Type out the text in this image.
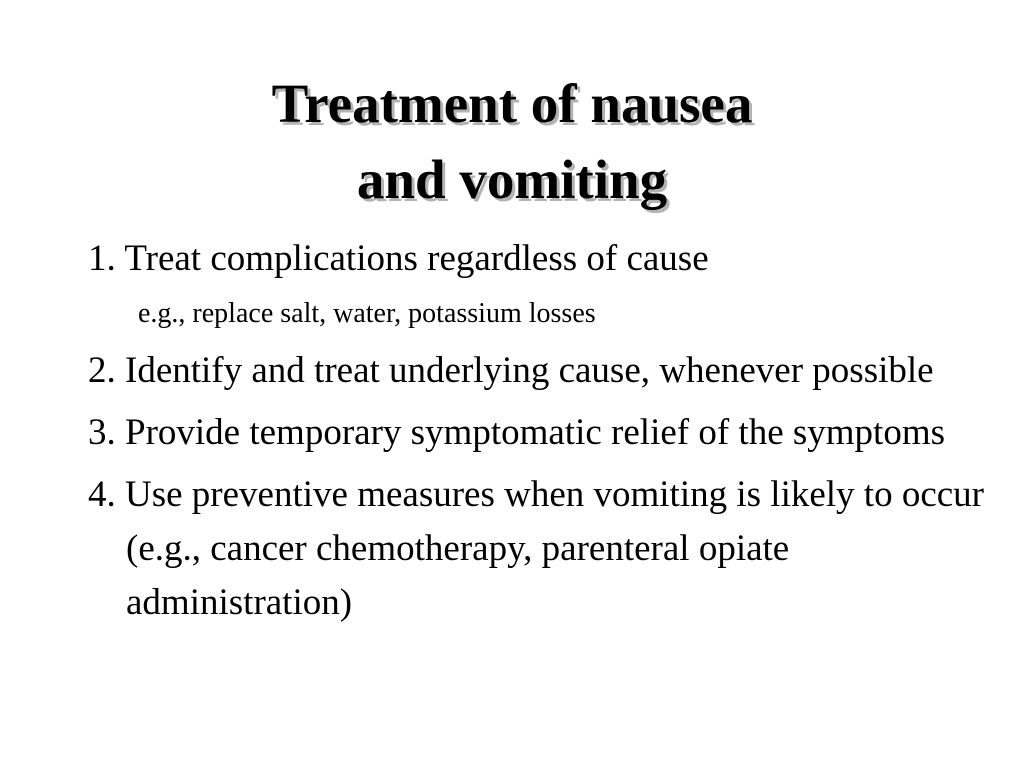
Treatment of nausea
and vomiting

1. Treat complications regardless of cause

e.g., replace salt, water, potassium losses

2. Identify and treat underlying cause, whenever possible

3. Provide temporary symptomatic relief of the symptoms

4. Use preventive measures when vomiting is likely to occur (e.g., cancer chemotherapy, parenteral opiate administration)
